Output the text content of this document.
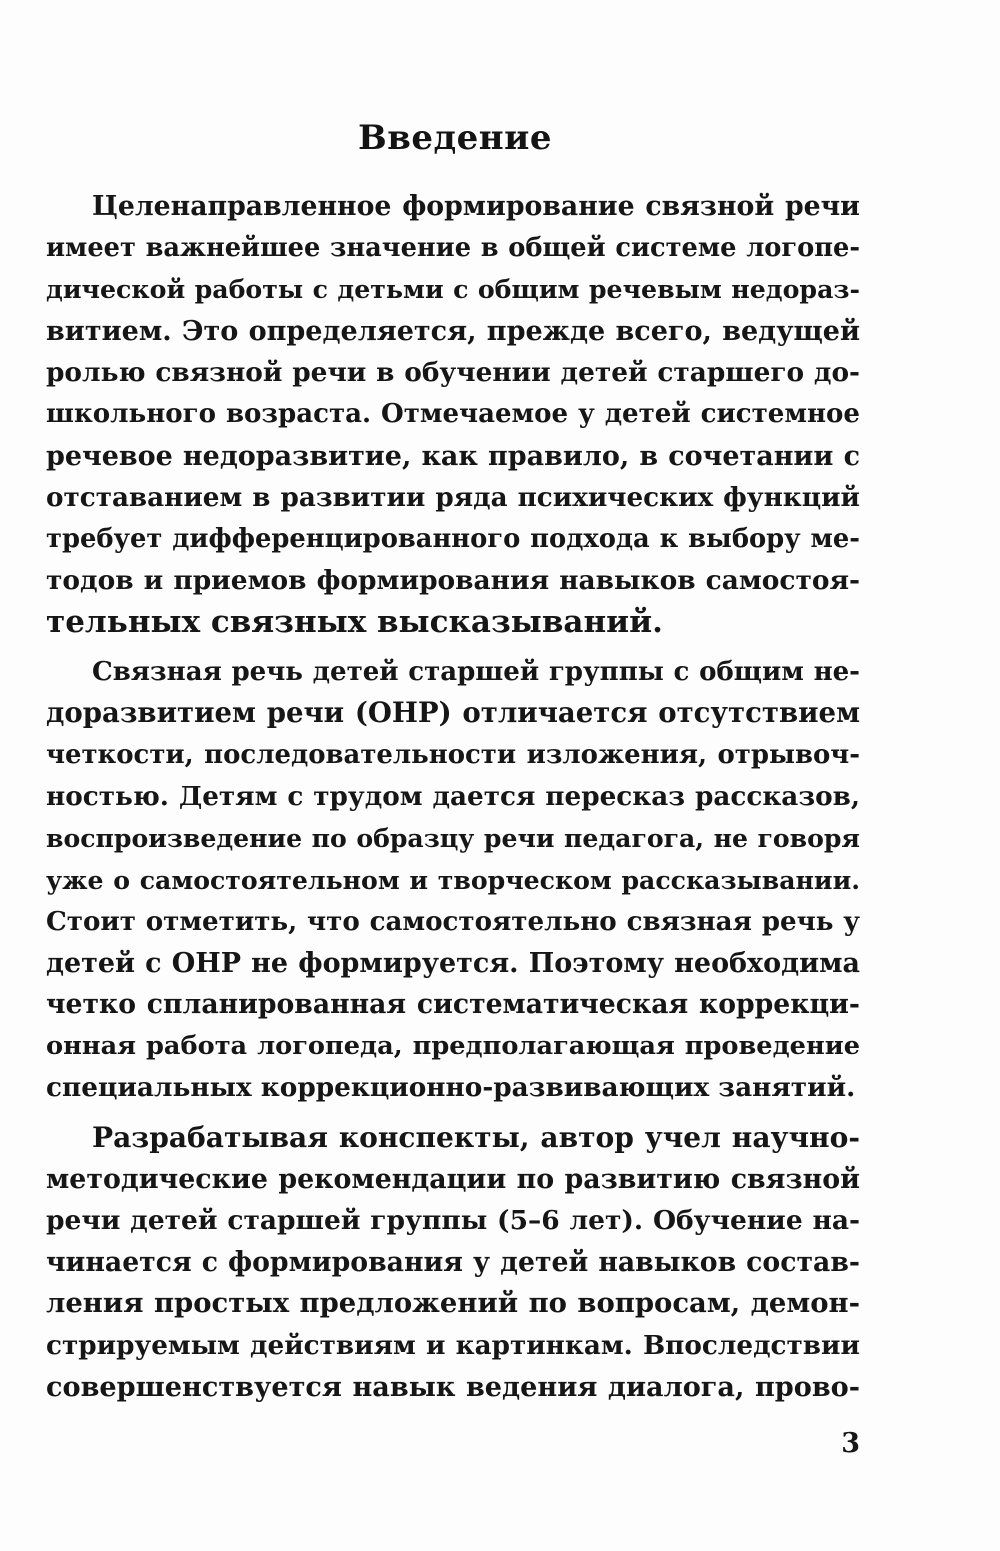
Введение
Целенаправленное формирование связной речи
имеет важнейшее значение в общей системе логопе-
дической работы с детьми с общим речевым недораз-
витием. Это определяется, прежде всего, ведущей
ролью связной речи в обучении детей старшего до-
школьного возраста. Отмечаемое у детей системное
речевое недоразвитие, как правило, в сочетании с
отставанием в развитии ряда психических функций
требует дифференцированного подхода к выбору ме-
тодов и приемов формирования навыков самостоя-
тельных связных высказываний.
Связная речь детей старшей группы с общим не-
доразвитием речи (ОНР) отличается отсутствием
четкости, последовательности изложения, отрывоч-
ностью. Детям с трудом дается пересказ рассказов,
воспроизведение по образцу речи педагога, не говоря
уже о самостоятельном и творческом рассказывании.
Стоит отметить, что самостоятельно связная речь у
детей с ОНР не формируется. Поэтому необходима
четко спланированная систематическая коррекци-
онная работа логопеда, предполагающая проведение
специальных коррекционно-развивающих занятий.
Разрабатывая конспекты, автор учел научно-
методические рекомендации по развитию связной
речи детей старшей группы (5–6 лет). Обучение на-
чинается с формирования у детей навыков состав-
ления простых предложений по вопросам, демон-
стрируемым действиям и картинкам. Впоследствии
совершенствуется навык ведения диалога, прово-
3
